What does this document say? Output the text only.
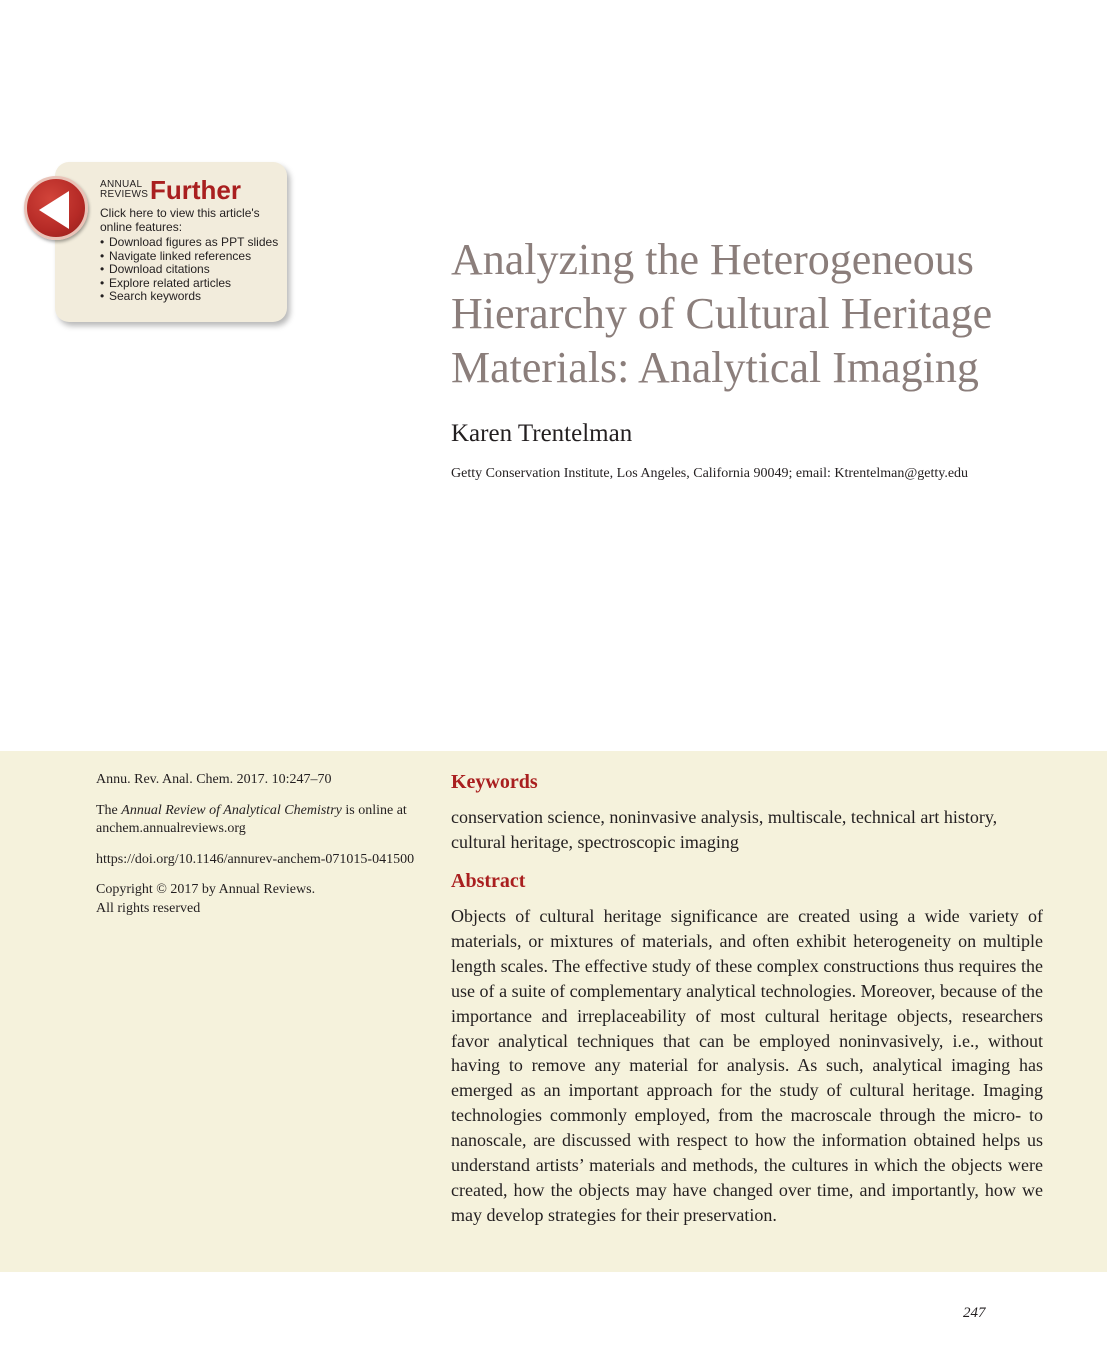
ANNUAL
REVIEWS Further
Click here to view this article's online features:
• Download figures as PPT slides
• Navigate linked references
• Download citations
• Explore related articles
• Search keywords
Analyzing the Heterogeneous Hierarchy of Cultural Heritage Materials: Analytical Imaging
Karen Trentelman
Getty Conservation Institute, Los Angeles, California 90049; email: Ktrentelman@getty.edu

Annu. Rev. Anal. Chem. 2017. 10:247–70

The Annual Review of Analytical Chemistry is online at anchem.annualreviews.org

https://doi.org/10.1146/annurev-anchem-071015-041500

Copyright © 2017 by Annual Reviews.
All rights reserved

Keywords
conservation science, noninvasive analysis, multiscale, technical art history, cultural heritage, spectroscopic imaging
Abstract
Objects of cultural heritage significance are created using a wide variety of materials, or mixtures of materials, and often exhibit heterogeneity on multiple length scales. The effective study of these complex constructions thus requires the use of a suite of complementary analytical technologies. Moreover, because of the importance and irreplaceability of most cultural heritage objects, researchers favor analytical techniques that can be employed noninvasively, i.e., without having to remove any material for analysis. As such, analytical imaging has emerged as an important approach for the study of cultural heritage. Imaging technologies commonly employed, from the macroscale through the micro- to nanoscale, are discussed with respect to how the information obtained helps us understand artists’ materials and methods, the cultures in which the objects were created, how the objects may have changed over time, and importantly, how we may develop strategies for their preservation.
247
